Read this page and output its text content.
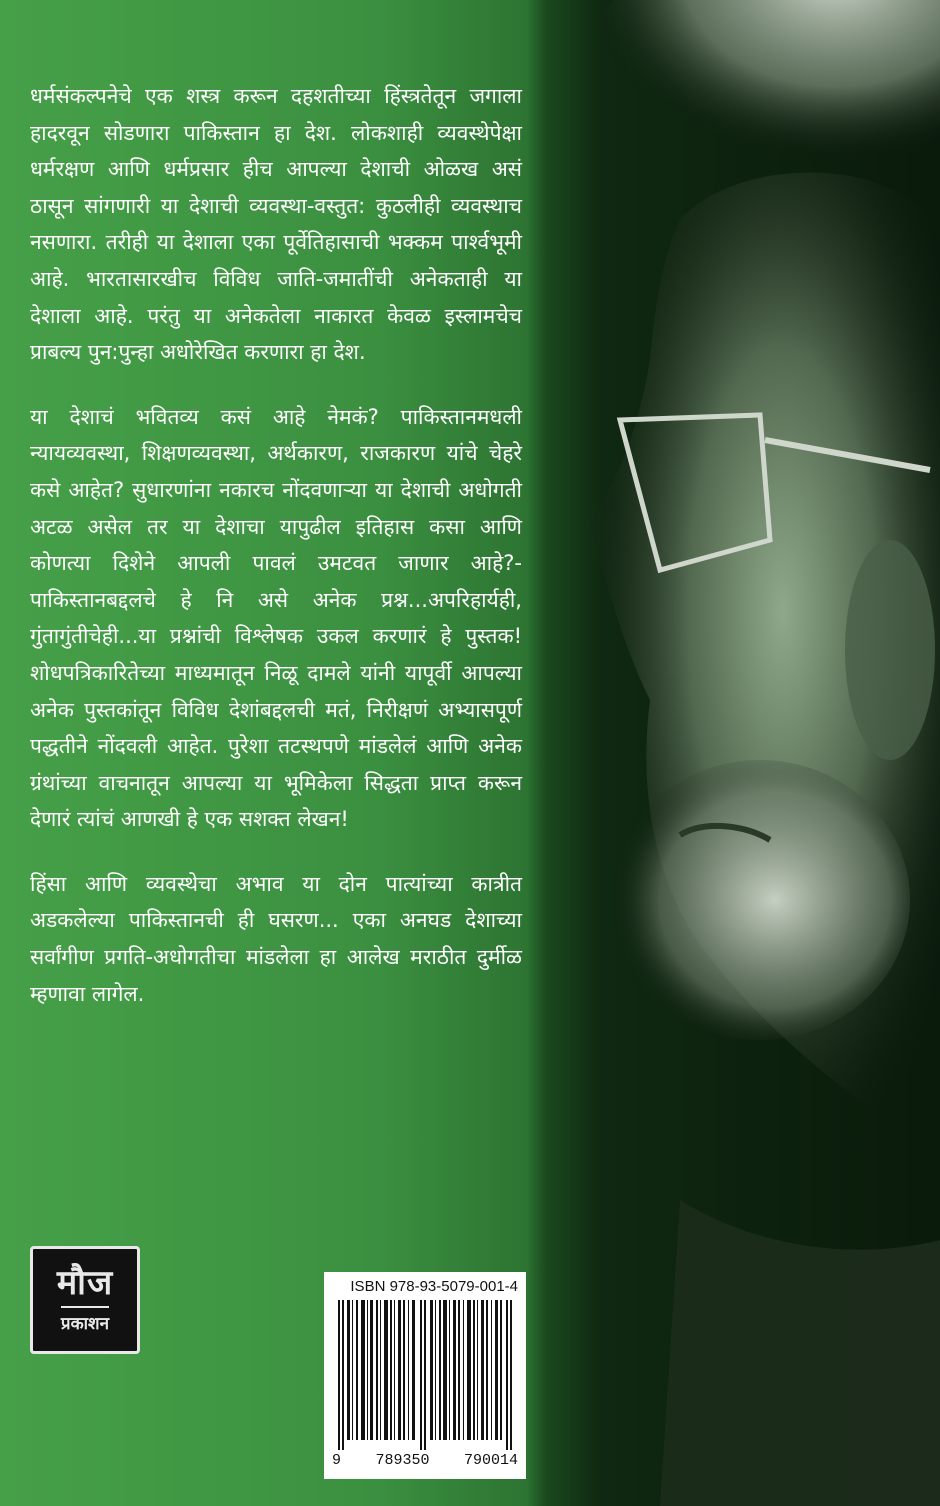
धर्मसंकल्पनेचे एक शस्त्र करून दहशतीच्या हिंस्त्रतेतून जगाला हादरवून सोडणारा पाकिस्तान हा देश. लोकशाही व्यवस्थेपेक्षा धर्मरक्षण आणि धर्मप्रसार हीच आपल्या देशाची ओळख असं ठासून सांगणारी या देशाची व्यवस्था-वस्तुत: कुठलीही व्यवस्थाच नसणारा. तरीही या देशाला एका पूर्वेतिहासाची भक्कम पार्श्वभूमी आहे. भारतासारखीच विविध जाति-जमातींची अनेकताही या देशाला आहे. परंतु या अनेकतेला नाकारत केवळ इस्लामचेच प्राबल्य पुन:पुन्हा अधोरेखित करणारा हा देश.

या देशाचं भवितव्य कसं आहे नेमकं? पाकिस्तानमधली न्यायव्यवस्था, शिक्षणव्यवस्था, अर्थकारण, राजकारण यांचे चेहरे कसे आहेत? सुधारणांना नकारच नोंदवणाऱ्या या देशाची अधोगती अटळ असेल तर या देशाचा यापुढील इतिहास कसा आणि कोणत्या दिशेने आपली पावलं उमटवत जाणार आहे?-पाकिस्तानबद्दलचे हे नि असे अनेक प्रश्न...अपरिहार्यही, गुंतागुंतीचेही...या प्रश्नांची विश्लेषक उकल करणारं हे पुस्तक! शोधपत्रिकारितेच्या माध्यमातून निळू दामले यांनी यापूर्वी आपल्या अनेक पुस्तकांतून विविध देशांबद्दलची मतं, निरीक्षणं अभ्यासपूर्ण पद्धतीने नोंदवली आहेत. पुरेशा तटस्थपणे मांडलेलं आणि अनेक ग्रंथांच्या वाचनातून आपल्या या भूमिकेला सिद्धता प्राप्त करून देणारं त्यांचं आणखी हे एक सशक्त लेखन!

हिंसा आणि व्यवस्थेचा अभाव या दोन पात्यांच्या कात्रीत अडकलेल्या पाकिस्तानची ही घसरण... एका अनघड देशाच्या सर्वांगीण प्रगति-अधोगतीचा मांडलेला हा आलेख मराठीत दुर्मीळ म्हणावा लागेल.

मौज
प्रकाशन
ISBN 978-93-5079-001-4
9 789350 790014
